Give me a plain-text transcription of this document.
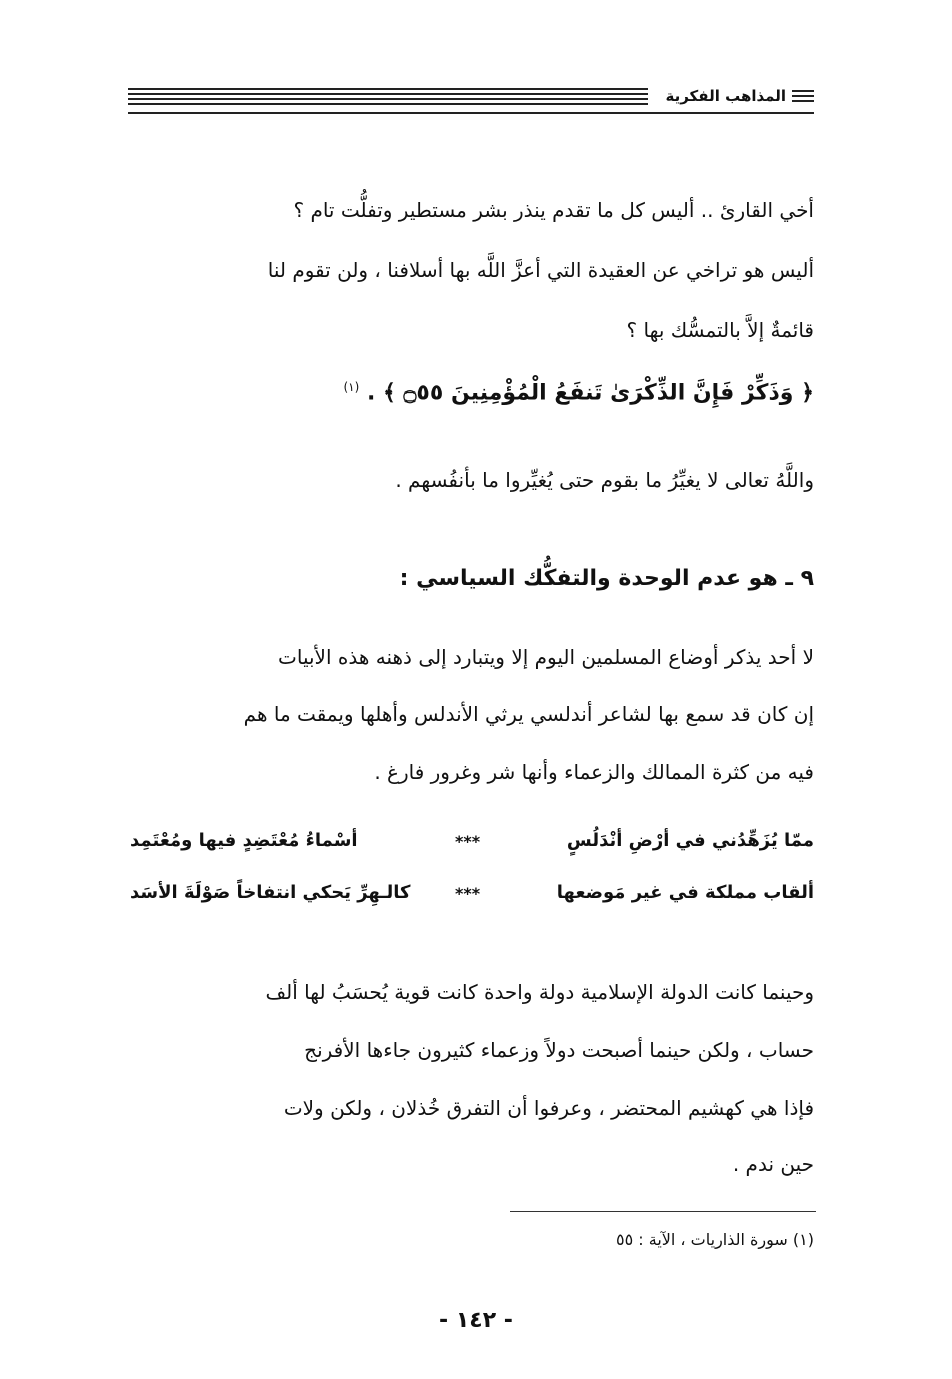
المذاهب الفكرية
أخي القارئ .. أليس كل ما تقدم ينذر بشر مستطير وتفلُّت تام ؟
أليس هو تراخي عن العقيدة التي أعزَّ اللَّه بها أسلافنا ، ولن تقوم لنا
قائمةٌ إلاَّ بالتمسُّك بها ؟
﴿ وَذَكِّرْ فَإِنَّ الذِّكْرَىٰ تَنفَعُ الْمُؤْمِنِينَ ۝٥٥ ﴾ . $^{(١)}$
واللَّهُ تعالى لا يغيِّرُ ما بقوم حتى يُغيِّروا ما بأنفُسهم .
٩ ـ هو عدم الوحدة والتفكُّك السياسي :
لا أحد يذكر أوضاع المسلمين اليوم إلا ويتبارد إلى ذهنه هذه الأبيات
إن كان قد سمع بها لشاعر أندلسي يرثي الأندلس وأهلها ويمقت ما هم
فيه من كثرة الممالك والزعماء وأنها شر وغرور فارغ .
ممّا يُزَهِّدُني في أرْضِ أنْدَلُسٍ
***
أسْماءُ مُعْتَضِدٍ فيها ومُعْتَمِد
ألقاب مملكة في غير مَوضعها
***
كالـهِرِّ يَحكي انتفاخاً صَوْلَةَ الأسَد
وحينما كانت الدولة الإسلامية دولة واحدة كانت قوية يُحسَبُ لها ألف
حساب ، ولكن حينما أصبحت دولاً وزعماء كثيرون جاءها الأفرنج
فإذا هي كهشيم المحتضر ، وعرفوا أن التفرق خُذلان ، ولكن ولات
حين ندم .
(١) سورة الذاريات ، الآية : ٥٥
- ١٤٢ -
